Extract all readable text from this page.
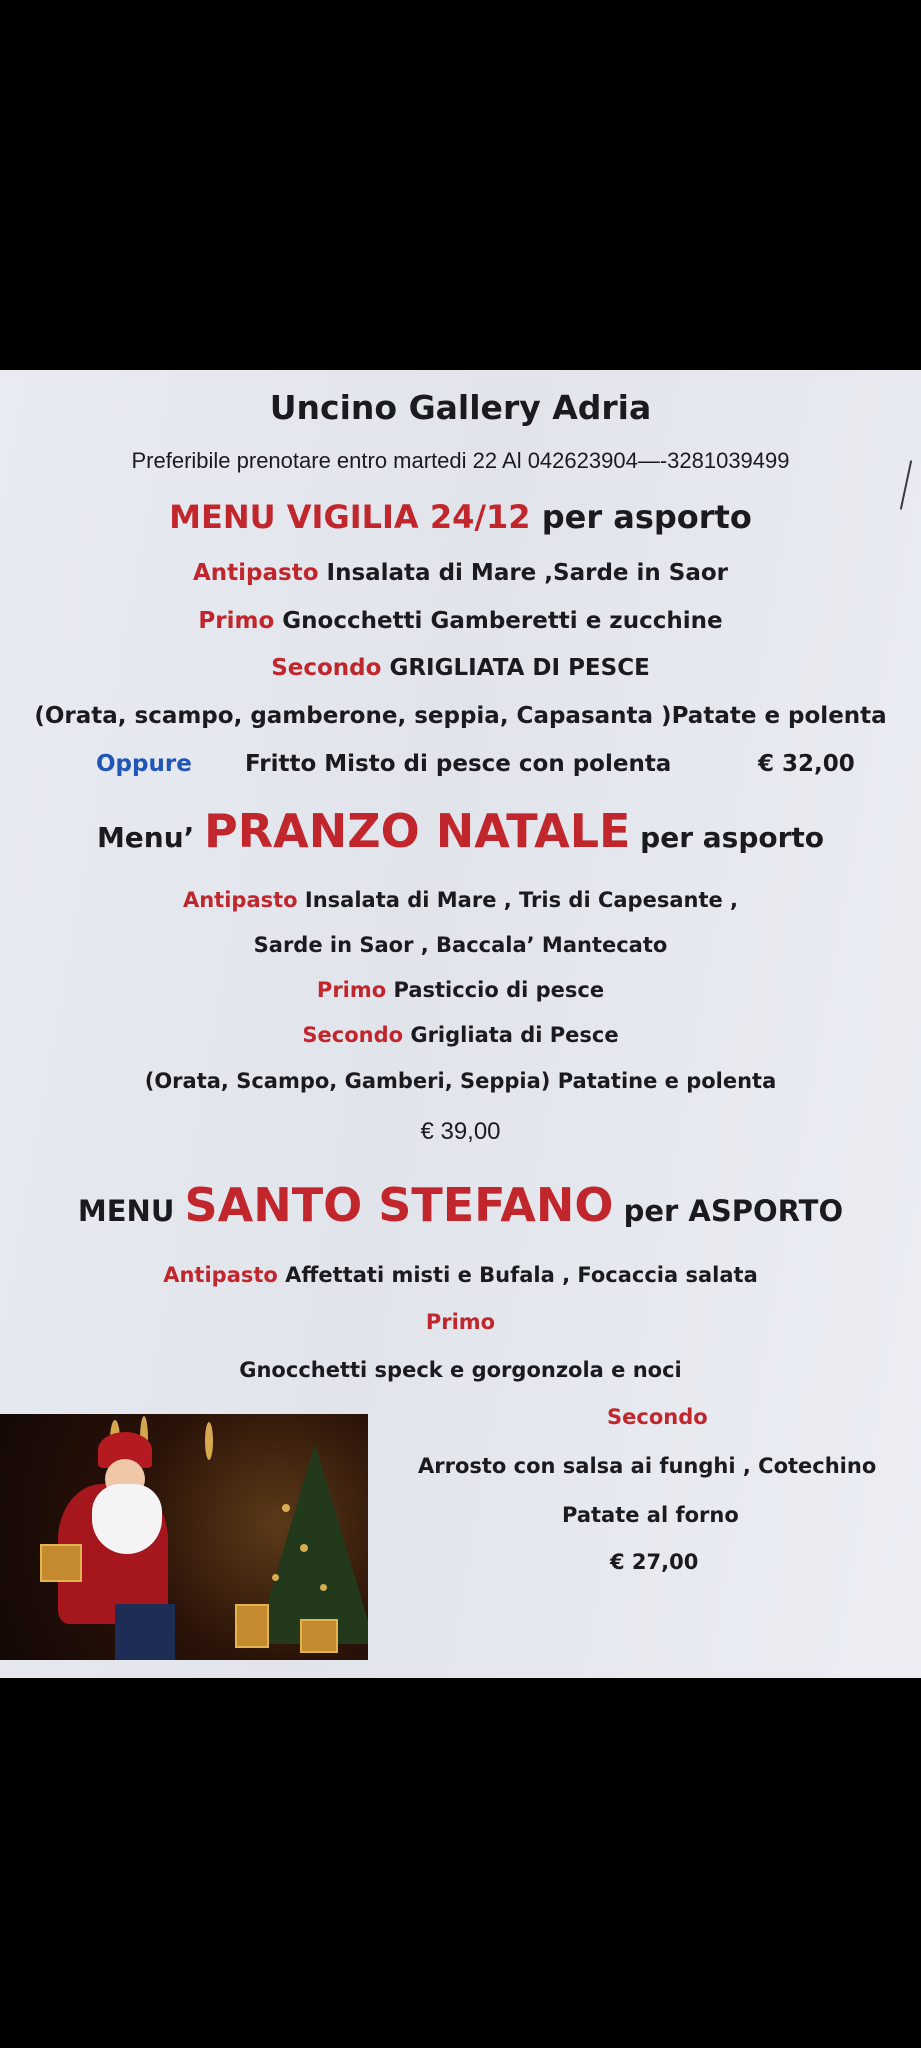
Uncino Gallery Adria
Preferibile prenotare entro martedi 22 Al 042623904—-3281039499
MENU VIGILIA 24/12 per asporto
Antipasto Insalata di Mare ,Sarde in Saor
Primo Gnocchetti Gamberetti e zucchine
Secondo GRIGLIATA DI PESCE
(Orata, scampo, gamberone, seppia, Capasanta )Patate e polenta
Oppure Fritto Misto di pesce con polenta	€ 32,00
Menu’ PRANZO NATALE per asporto
Antipasto Insalata di Mare , Tris di Capesante ,
Sarde in Saor , Baccala’ Mantecato
Primo Pasticcio di pesce
Secondo Grigliata di Pesce
(Orata, Scampo, Gamberi, Seppia) Patatine e polenta
€ 39,00
MENU SANTO STEFANO per ASPORTO
Antipasto Affettati misti e Bufala , Focaccia salata
Primo
Gnocchetti speck e gorgonzola e noci
Secondo
Arrosto con salsa ai funghi , Cotechino
Patate al forno
€ 27,00
